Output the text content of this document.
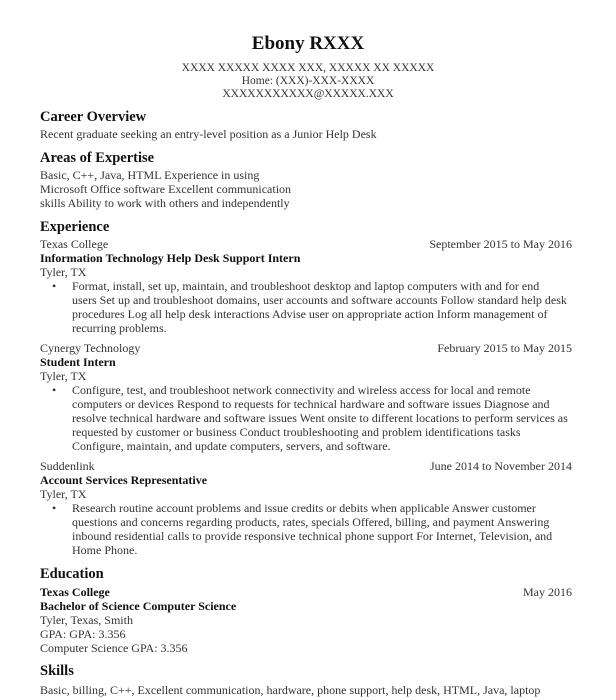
Ebony RXXX
XXXX XXXXX XXXX XXX, XXXXX XX XXXXX
Home: (XXX)-XXX-XXXX
XXXXXXXXXXX@XXXXX.XXX
Career Overview
Recent graduate seeking an entry-level position as a Junior Help Desk
Areas of Expertise
Basic, C++, Java, HTML Experience in using
Microsoft Office software Excellent communication
skills Ability to work with others and independently
Experience
Texas College	September 2015 to May 2016
Information Technology Help Desk Support Intern
Tyler, TX
• Format, install, set up, maintain, and troubleshoot desktop and laptop computers with and for end
users Set up and troubleshoot domains, user accounts and software accounts Follow standard help desk
procedures Log all help desk interactions Advise user on appropriate action Inform management of
recurring problems.
Cynergy Technology	February 2015 to May 2015
Student Intern
Tyler, TX
• Configure, test, and troubleshoot network connectivity and wireless access for local and remote
computers or devices Respond to requests for technical hardware and software issues Diagnose and
resolve technical hardware and software issues Went onsite to different locations to perform services as
requested by customer or business Conduct troubleshooting and problem identifications tasks
Configure, maintain, and update computers, servers, and software.
Suddenlink	June 2014 to November 2014
Account Services Representative
Tyler, TX
• Research routine account problems and issue credits or debits when applicable Answer customer
questions and concerns regarding products, rates, specials Offered, billing, and payment Answering
inbound residential calls to provide responsive technical phone support For Internet, Television, and
Home Phone.
Education
Texas College	May 2016
Bachelor of Science Computer Science
Tyler, Texas, Smith
GPA: GPA: 3.356
Computer Science GPA: 3.356
Skills
Basic, billing, C++, Excellent communication, hardware, phone support, help desk, HTML, Java, laptop
